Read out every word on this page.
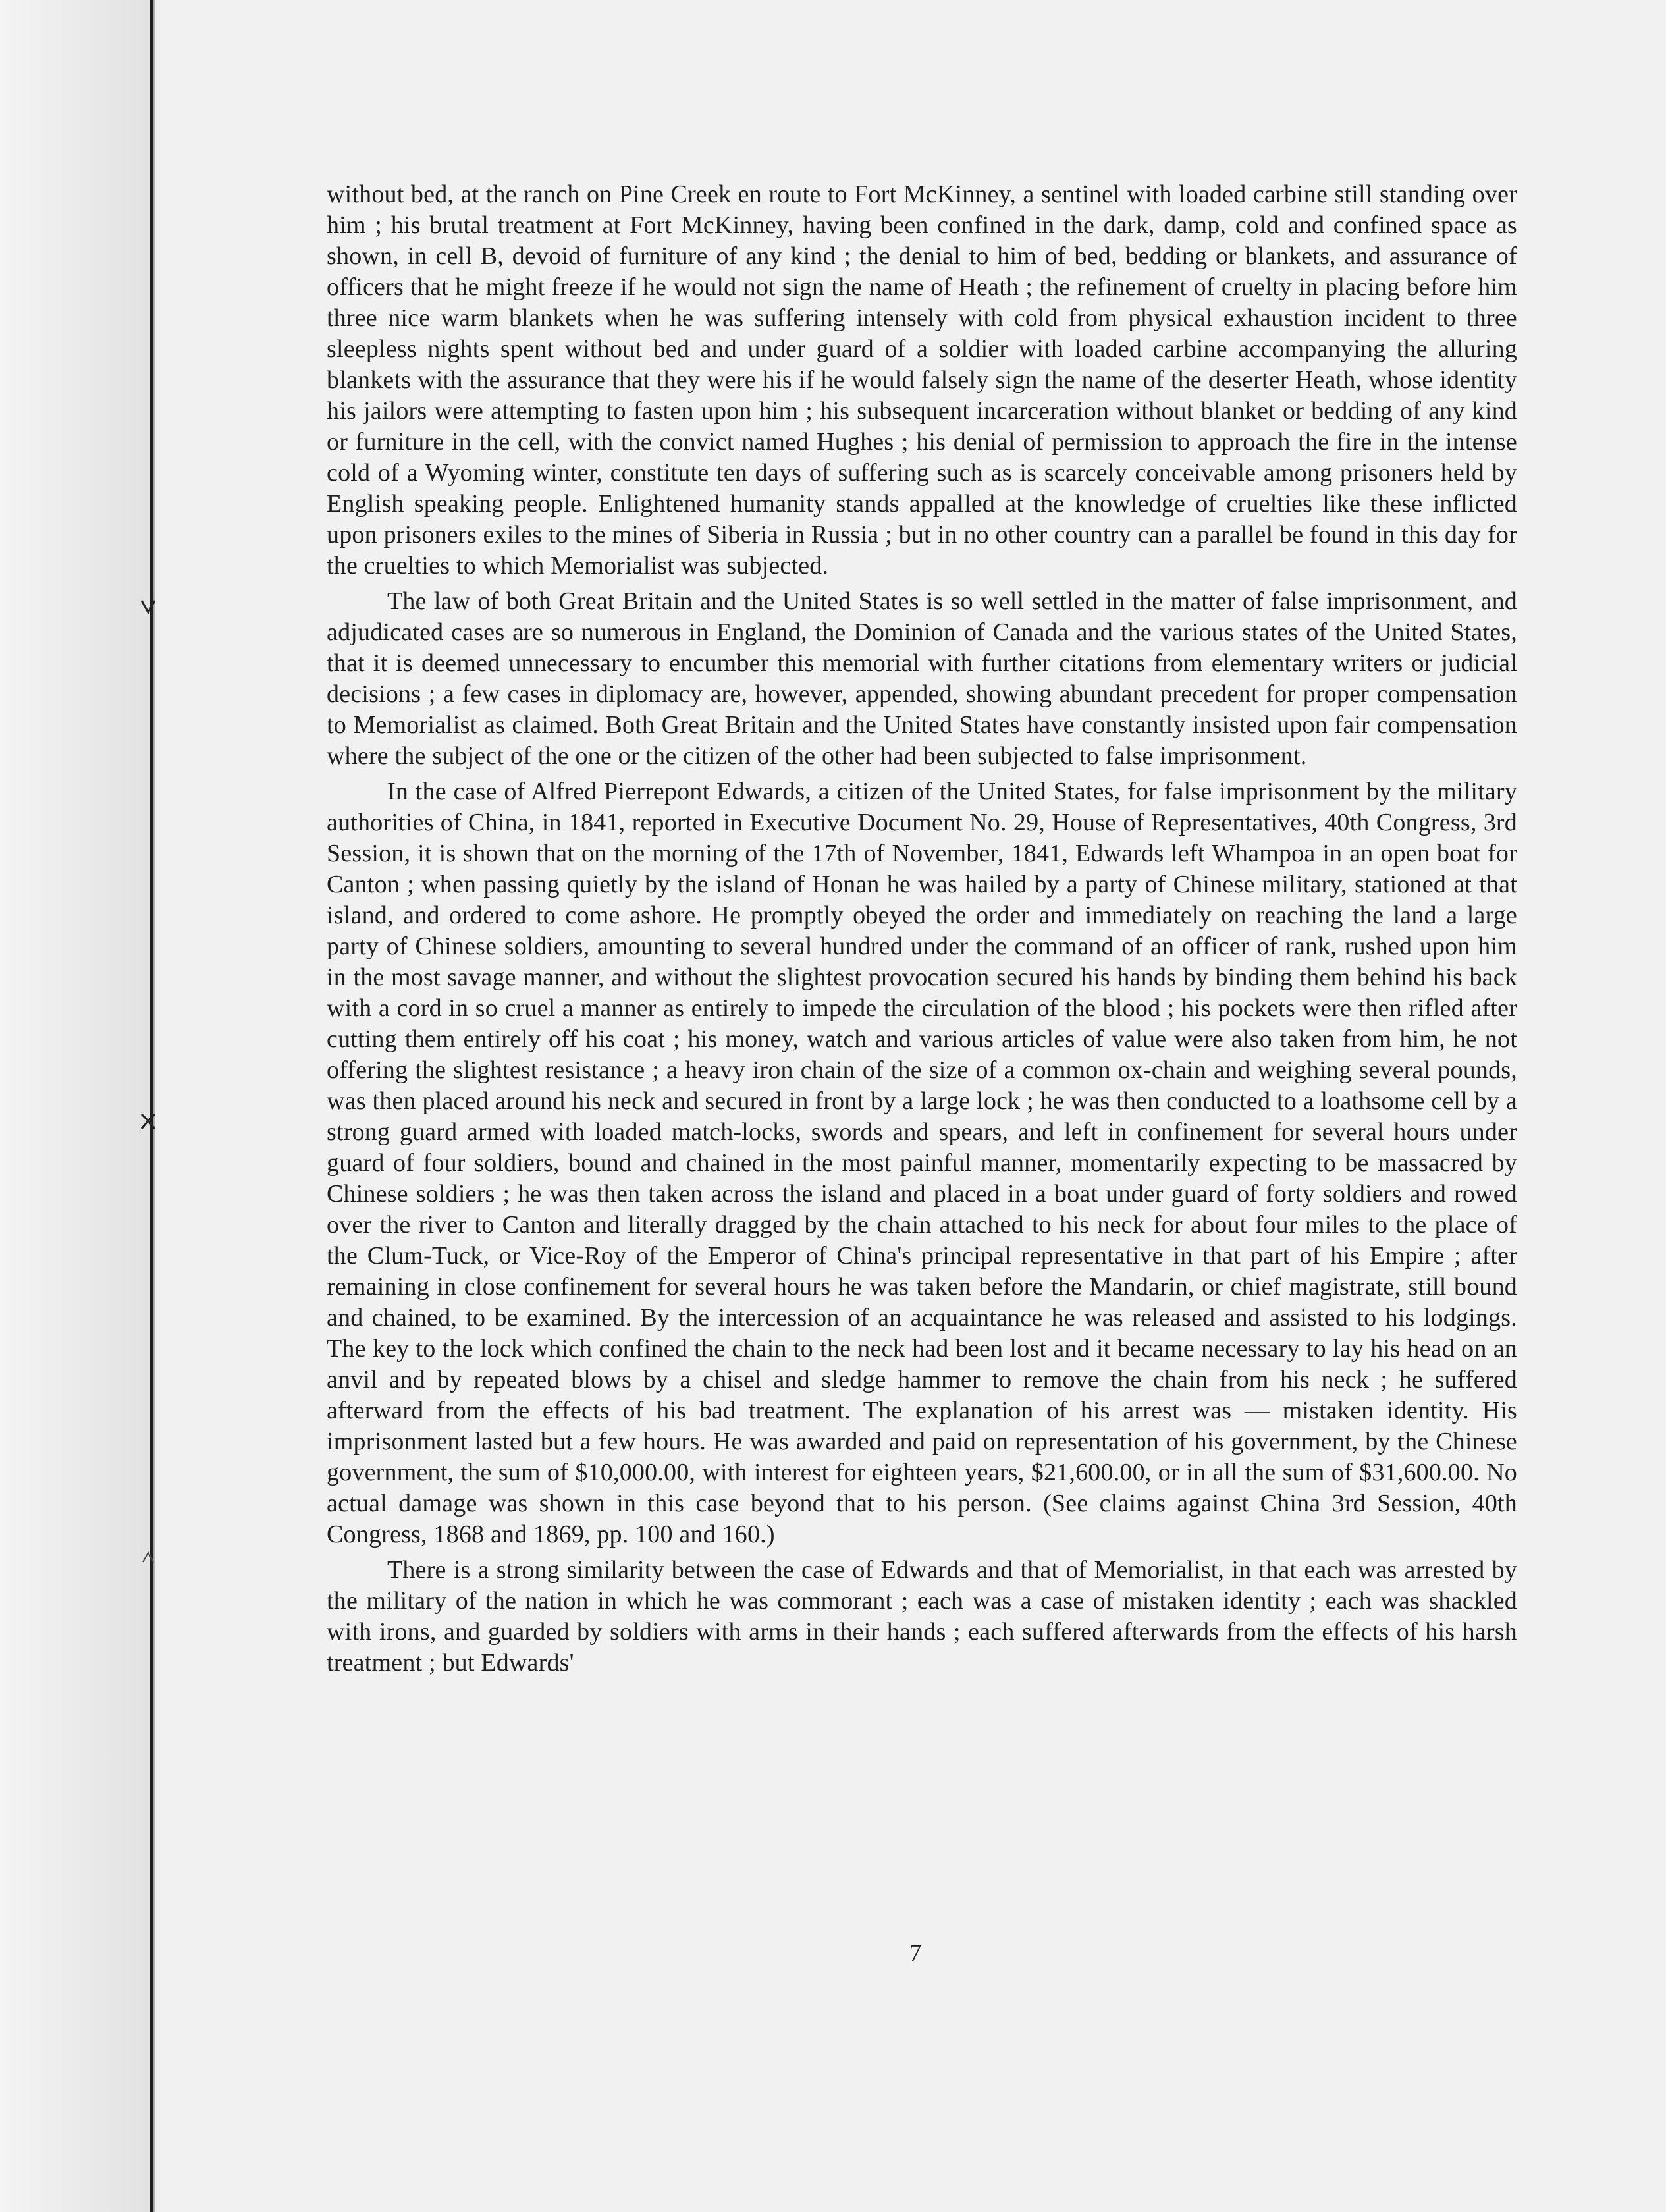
without bed, at the ranch on Pine Creek en route to Fort McKinney, a sentinel with loaded carbine still standing over him ; his brutal treatment at Fort McKinney, having been confined in the dark, damp, cold and confined space as shown, in cell B, devoid of furniture of any kind ; the denial to him of bed, bedding or blankets, and assurance of officers that he might freeze if he would not sign the name of Heath ; the refinement of cruelty in placing before him three nice warm blankets when he was suffering intensely with cold from physical exhaustion incident to three sleepless nights spent without bed and under guard of a soldier with loaded carbine accompanying the alluring blankets with the assurance that they were his if he would falsely sign the name of the deserter Heath, whose identity his jailors were attempting to fasten upon him ; his subsequent incarceration without blanket or bedding of any kind or furniture in the cell, with the convict named Hughes ; his denial of permission to approach the fire in the intense cold of a Wyoming winter, constitute ten days of suffering such as is scarcely conceivable among prisoners held by English speaking people. Enlightened humanity stands appalled at the knowledge of cruelties like these inflicted upon prisoners exiles to the mines of Siberia in Russia ; but in no other country can a parallel be found in this day for the cruelties to which Memorialist was subjected.

The law of both Great Britain and the United States is so well settled in the matter of false imprisonment, and adjudicated cases are so numerous in England, the Dominion of Canada and the various states of the United States, that it is deemed unnecessary to encumber this memorial with further citations from elementary writers or judicial decisions ; a few cases in diplomacy are, however, appended, showing abundant precedent for proper compensation to Memorialist as claimed. Both Great Britain and the United States have constantly insisted upon fair compensation where the subject of the one or the citizen of the other had been subjected to false imprisonment.

In the case of Alfred Pierrepont Edwards, a citizen of the United States, for false imprisonment by the military authorities of China, in 1841, reported in Executive Document No. 29, House of Representatives, 40th Congress, 3rd Session, it is shown that on the morning of the 17th of November, 1841, Edwards left Whampoa in an open boat for Canton ; when passing quietly by the island of Honan he was hailed by a party of Chinese military, stationed at that island, and ordered to come ashore. He promptly obeyed the order and immediately on reaching the land a large party of Chinese soldiers, amounting to several hundred under the command of an officer of rank, rushed upon him in the most savage manner, and without the slightest provocation secured his hands by binding them behind his back with a cord in so cruel a manner as entirely to impede the circulation of the blood ; his pockets were then rifled after cutting them entirely off his coat ; his money, watch and various articles of value were also taken from him, he not offering the slightest resistance ; a heavy iron chain of the size of a common ox-chain and weighing several pounds, was then placed around his neck and secured in front by a large lock ; he was then conducted to a loathsome cell by a strong guard armed with loaded match-locks, swords and spears, and left in confinement for several hours under guard of four soldiers, bound and chained in the most painful manner, momentarily expecting to be massacred by Chinese soldiers ; he was then taken across the island and placed in a boat under guard of forty soldiers and rowed over the river to Canton and literally dragged by the chain attached to his neck for about four miles to the place of the Clum-Tuck, or Vice-Roy of the Emperor of China's principal representative in that part of his Empire ; after remaining in close confinement for several hours he was taken before the Mandarin, or chief magistrate, still bound and chained, to be examined. By the intercession of an acquaintance he was released and assisted to his lodgings. The key to the lock which confined the chain to the neck had been lost and it became necessary to lay his head on an anvil and by repeated blows by a chisel and sledge hammer to remove the chain from his neck ; he suffered afterward from the effects of his bad treatment. The explanation of his arrest was — mistaken identity. His imprisonment lasted but a few hours. He was awarded and paid on representation of his government, by the Chinese government, the sum of $10,000.00, with interest for eighteen years, $21,600.00, or in all the sum of $31,600.00. No actual damage was shown in this case beyond that to his person. (See claims against China 3rd Session, 40th Congress, 1868 and 1869, pp. 100 and 160.)

There is a strong similarity between the case of Edwards and that of Memorialist, in that each was arrested by the military of the nation in which he was commorant ; each was a case of mistaken identity ; each was shackled with irons, and guarded by soldiers with arms in their hands ; each suffered afterwards from the effects of his harsh treatment ; but Edwards'

7
